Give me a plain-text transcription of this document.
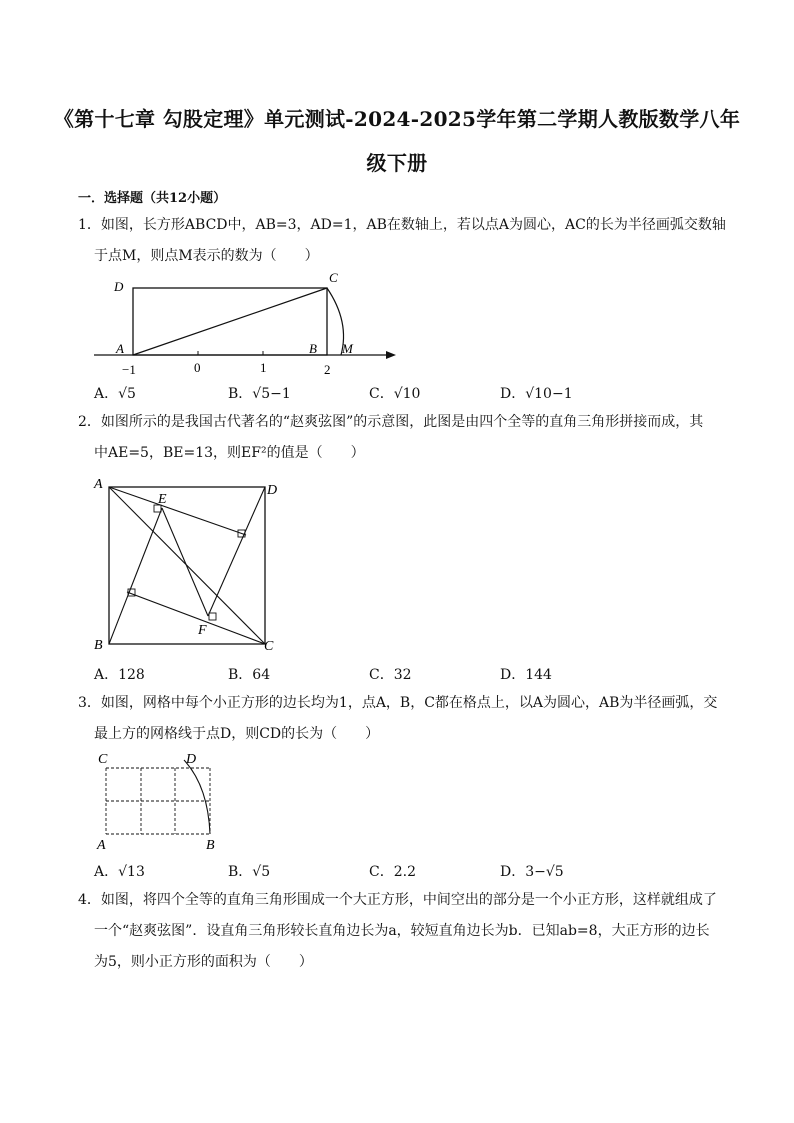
《第十七章 勾股定理》单元测试-2024-2025学年第二学期人教版数学八年
级下册
一．选择题（共12小题）
1．如图，长方形ABCD中，AB=3，AD=1，AB在数轴上，若以点A为圆心，AC的长为半径画弧交数轴
于点M，则点M表示的数为（　　）
D
C
A	B M
−1	0	1	2
A．√5	B．√5−1	C．√10	D．√10−1
2．如图所示的是我国古代著名的“赵爽弦图”的示意图，此图是由四个全等的直角三角形拼接而成，其
中AE=5，BE=13，则EF²的值是（　　）
A
E
D
B
F
C
A．128	B．64	C．32	D．144
3．如图，网格中每个小正方形的边长均为1，点A，B，C都在格点上，以A为圆心，AB为半径画弧，交
最上方的网格线于点D，则CD的长为（　　）
C	D
A	B
A．√13	B．√5	C．2.2	D．3−√5
4．如图，将四个全等的直角三角形围成一个大正方形，中间空出的部分是一个小正方形，这样就组成了
一个“赵爽弦图”．设直角三角形较长直角边长为a，较短直角边长为b．已知ab=8，大正方形的边长
为5，则小正方形的面积为（　　）
